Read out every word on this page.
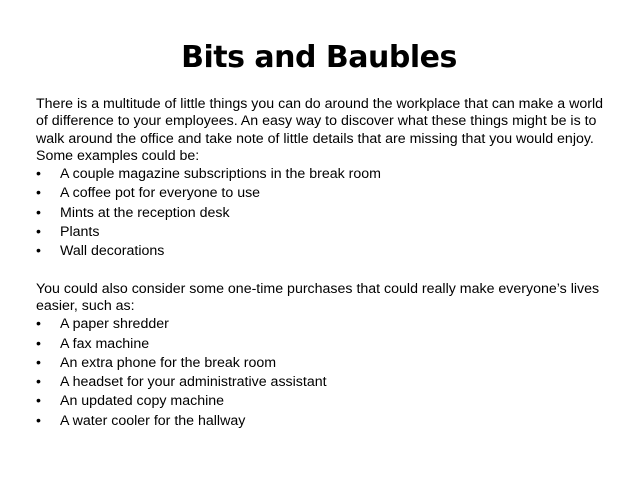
Bits and Baubles

There is a multitude of little things you can do around the workplace that can make a world of difference to your employees. An easy way to discover what these things might be is to walk around the office and take note of little details that are missing that you would enjoy. Some examples could be:

• A couple magazine subscriptions in the break room
• A coffee pot for everyone to use
• Mints at the reception desk
• Plants
• Wall decorations

You could also consider some one-time purchases that could really make everyone’s lives easier, such as:

• A paper shredder
• A fax machine
• An extra phone for the break room
• A headset for your administrative assistant
• An updated copy machine
• A water cooler for the hallway
